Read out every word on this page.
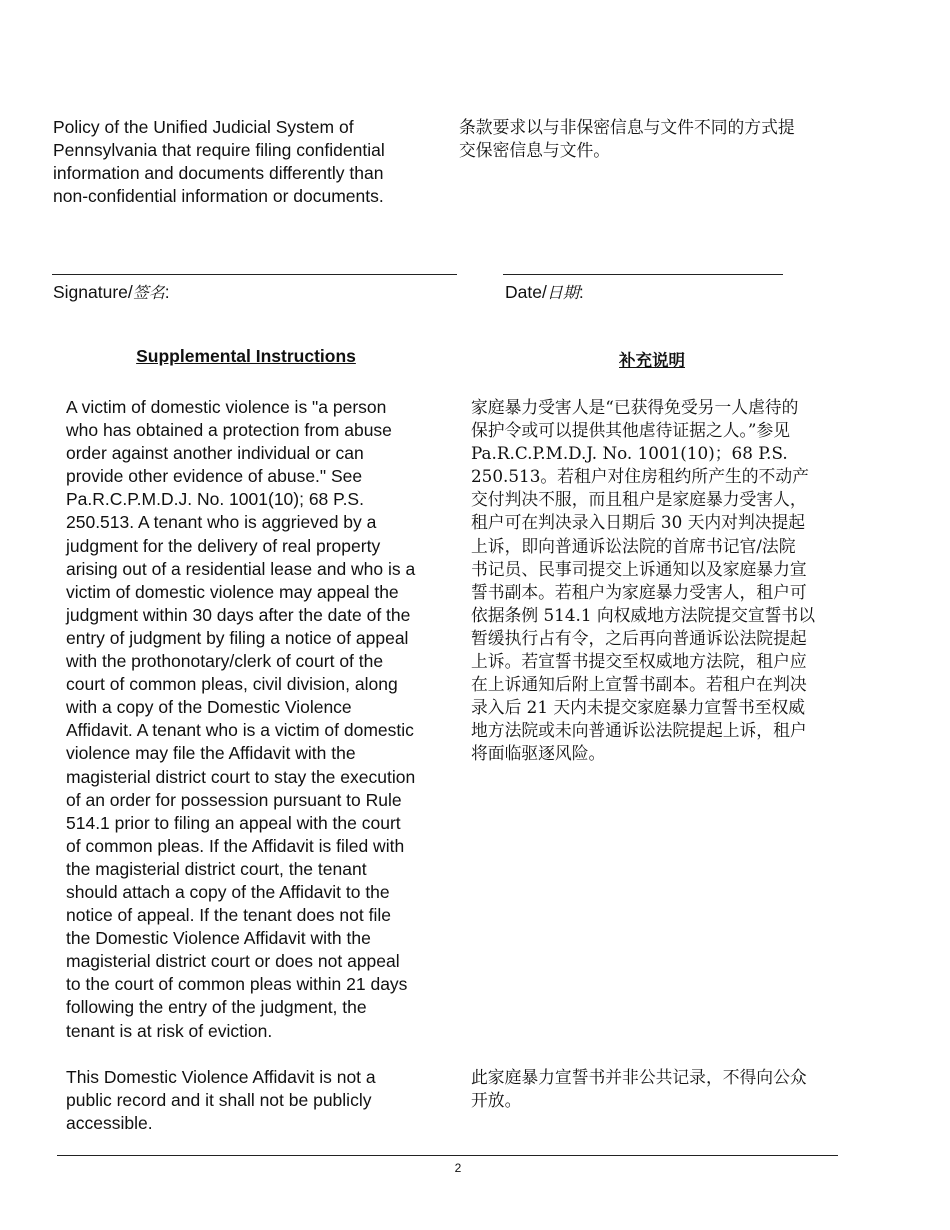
Policy of the Unified Judicial System of
Pennsylvania that require filing confidential
information and documents differently than
non-confidential information or documents.
条款要求以与非保密信息与文件不同的方式提
交保密信息与文件。
Signature/签名:	Date/日期:
Supplemental Instructions	补充说明
A victim of domestic violence is "a person
who has obtained a protection from abuse
order against another individual or can
provide other evidence of abuse." See
Pa.R.C.P.M.D.J. No. 1001(10); 68 P.S.
250.513. A tenant who is aggrieved by a
judgment for the delivery of real property
arising out of a residential lease and who is a
victim of domestic violence may appeal the
judgment within 30 days after the date of the
entry of judgment by filing a notice of appeal
with the prothonotary/clerk of court of the
court of common pleas, civil division, along
with a copy of the Domestic Violence
Affidavit. A tenant who is a victim of domestic
violence may file the Affidavit with the
magisterial district court to stay the execution
of an order for possession pursuant to Rule
514.1 prior to filing an appeal with the court
of common pleas. If the Affidavit is filed with
the magisterial district court, the tenant
should attach a copy of the Affidavit to the
notice of appeal. If the tenant does not file
the Domestic Violence Affidavit with the
magisterial district court or does not appeal
to the court of common pleas within 21 days
following the entry of the judgment, the
tenant is at risk of eviction.
家庭暴力受害人是“已获得免受另一人虐待的
保护令或可以提供其他虐待证据之人。”参见
Pa.R.C.P.M.D.J. No. 1001(10)；68 P.S.
250.513。若租户对住房租约所产生的不动产
交付判决不服，而且租户是家庭暴力受害人，
租户可在判决录入日期后 30 天内对判决提起
上诉，即向普通诉讼法院的首席书记官/法院
书记员、民事司提交上诉通知以及家庭暴力宣
誓书副本。若租户为家庭暴力受害人，租户可
依据条例 514.1 向权威地方法院提交宣誓书以
暂缓执行占有令，之后再向普通诉讼法院提起
上诉。若宣誓书提交至权威地方法院，租户应
在上诉通知后附上宣誓书副本。若租户在判决
录入后 21 天内未提交家庭暴力宣誓书至权威
地方法院或未向普通诉讼法院提起上诉，租户
将面临驱逐风险。
This Domestic Violence Affidavit is not a
public record and it shall not be publicly
accessible.
此家庭暴力宣誓书并非公共记录，不得向公众
开放。
2
